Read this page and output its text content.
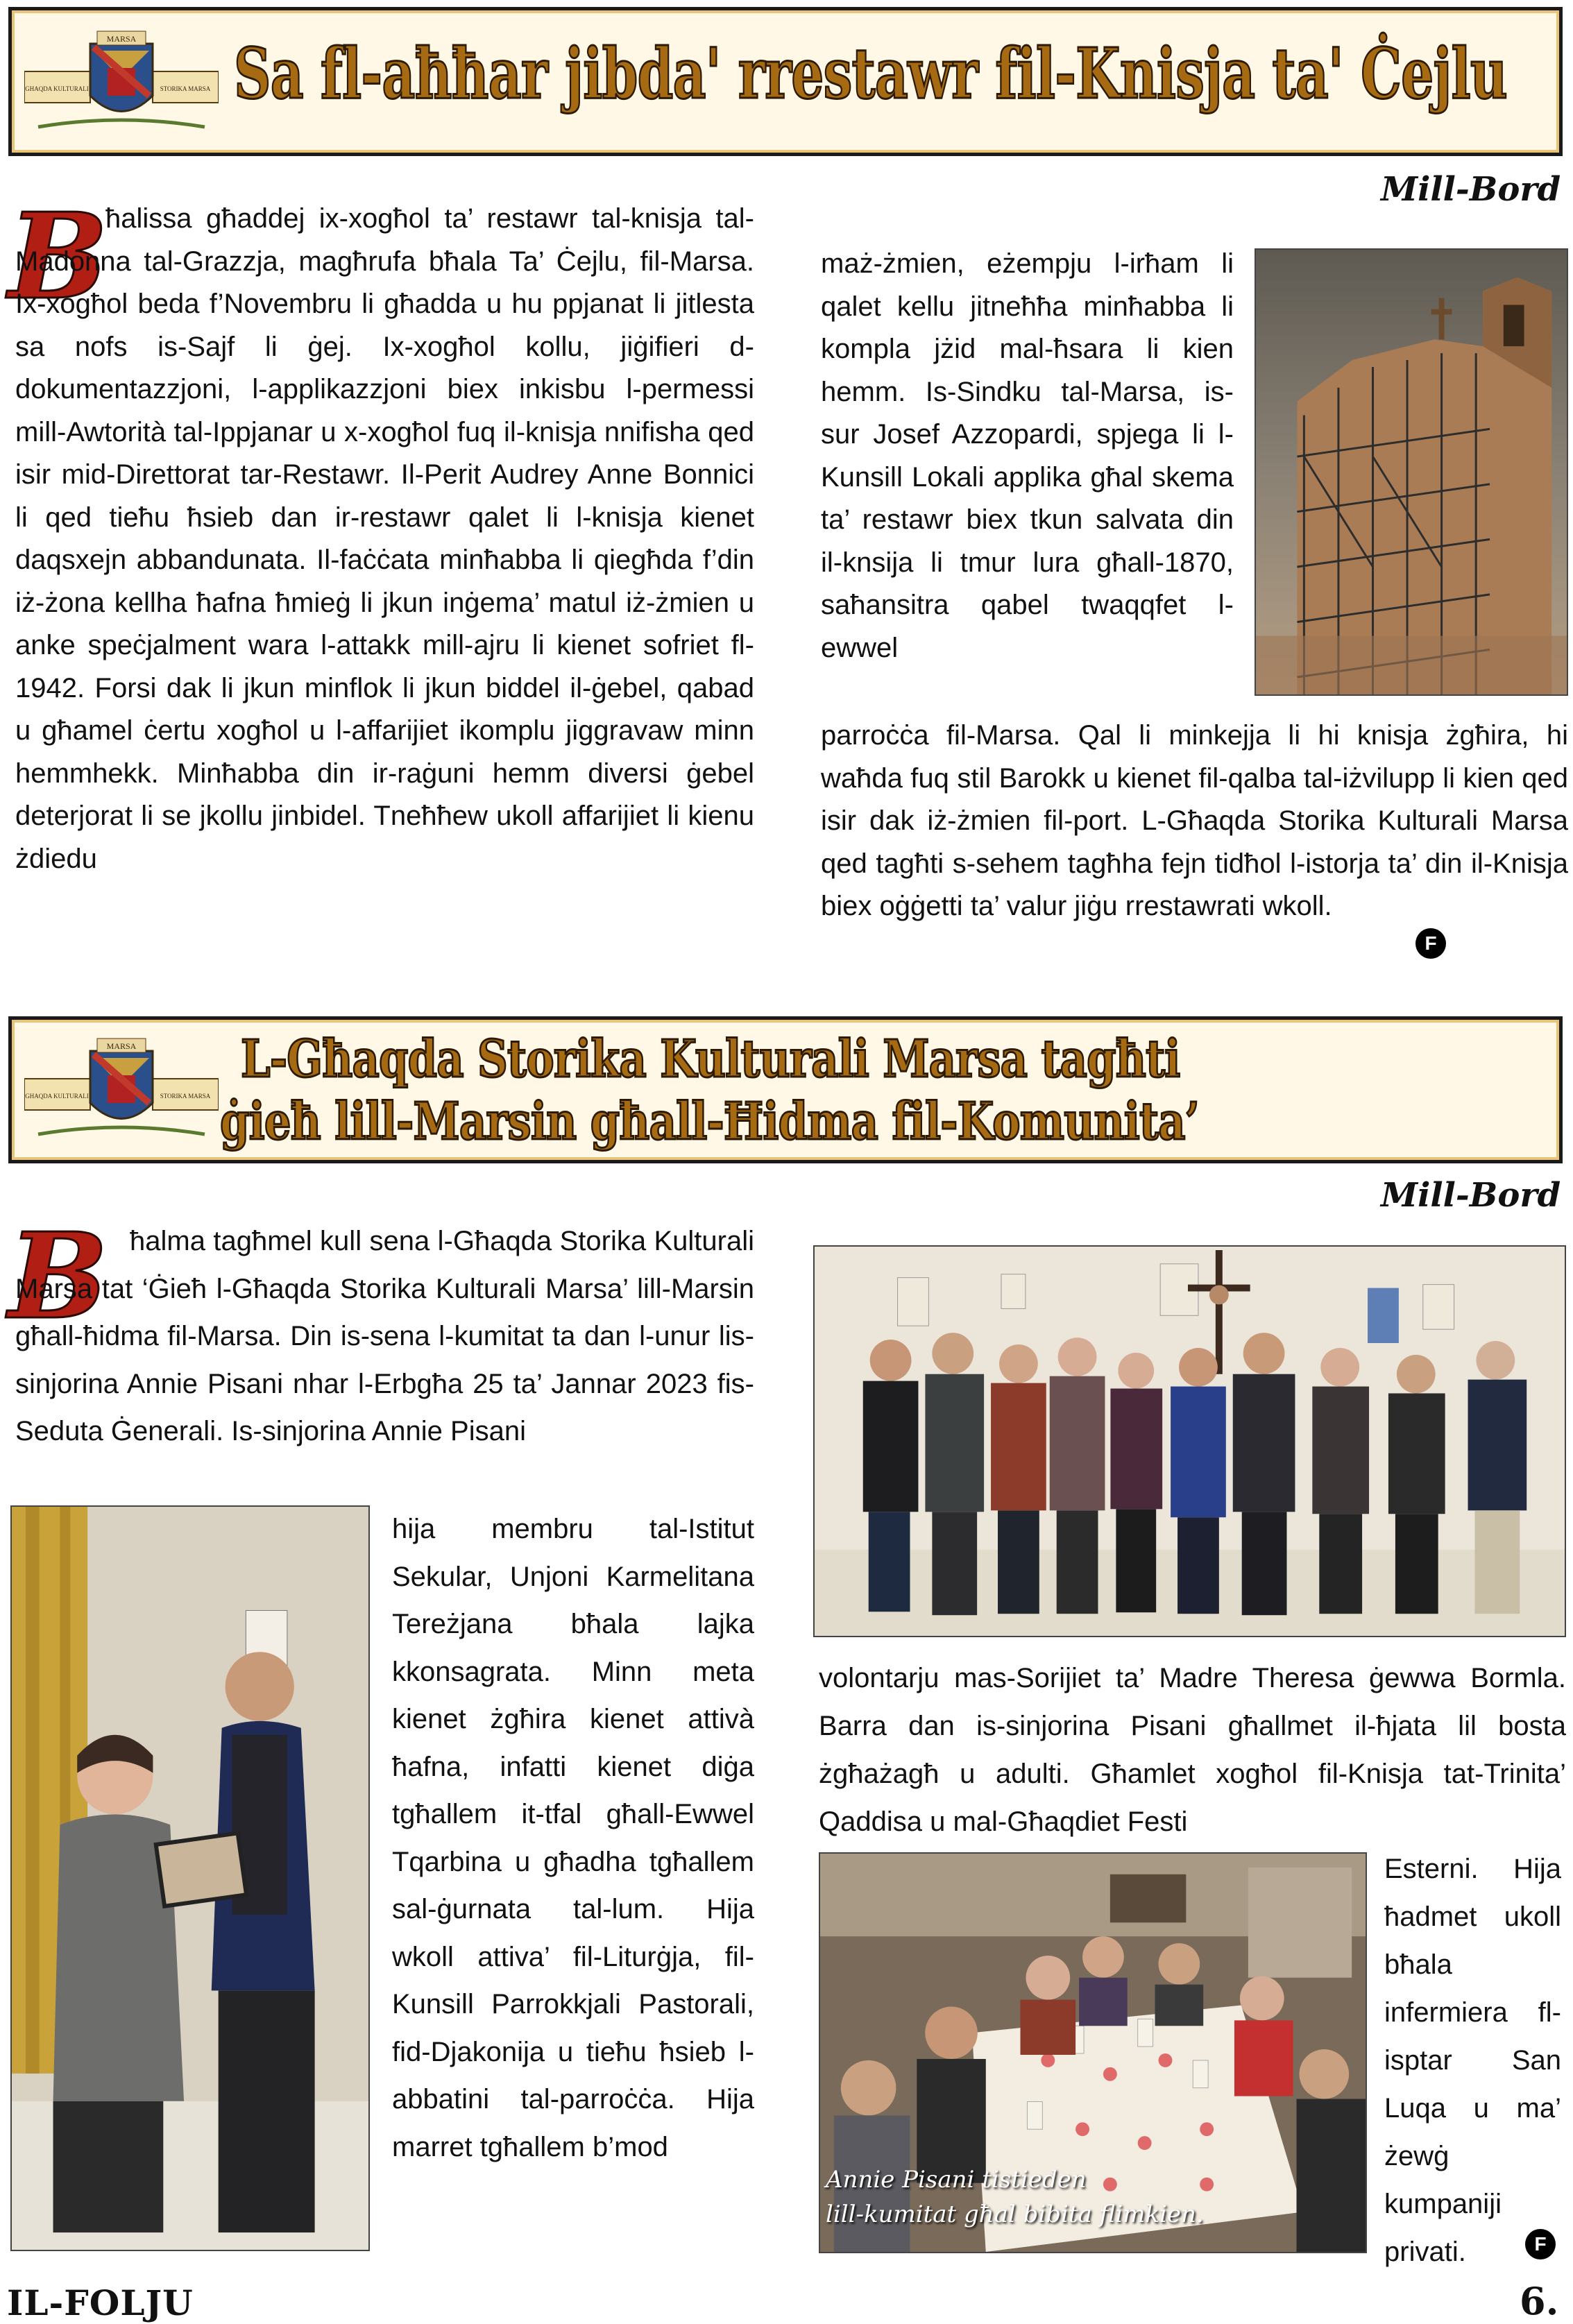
MARSA
GHAQDA KULTURALI	STORIKA MARSA Sa fl-aħħar jibda' rrestawr fil-Knisja ta' Ċejlu
Mill-Bord
B

ħalissa għaddej ix-xogħol ta’ restawr tal-knisja tal-Madonna tal-Grazzja, magħrufa bħala Ta’ Ċejlu, fil-Marsa. Ix-xogħol beda f’Novembru li għadda u hu ppjanat li jitlesta sa nofs is-Sajf li ġej. Ix-xogħol kollu, jiġifieri d-dokumentazzjoni, l-applikazzjoni biex inkisbu l-permessi mill-Awtorità tal-Ippjanar u x-xogħol fuq il-knisja nnifisha qed isir mid-Direttorat tar-Restawr. Il-Perit Audrey Anne Bonnici li qed tieħu ħsieb dan ir-restawr qalet li l-knisja kienet daqsxejn abbandunata. Il-faċċata minħabba li qiegħda f’din iż-żona kellha ħafna ħmieġ li jkun inġema’ matul iż-żmien u anke speċjalment wara l-attakk mill-ajru li kienet sofriet fl-1942. Forsi dak li jkun minflok li jkun biddel il-ġebel, qabad u għamel ċertu xogħol u l-affarijiet ikomplu jiggravaw minn hemmhekk. Minħabba din ir-raġuni hemm diversi ġebel deterjorat li se jkollu jinbidel. Tneħħew ukoll affarijiet li kienu żdiedu

maż-żmien, eżempju l-irħam li qalet kellu jitneħħa minħabba li kompla jżid mal-ħsara li kien hemm. Is-Sindku tal-Marsa, is-sur Josef Azzopardi, spjega li l-Kunsill Lokali applika għal skema ta’ restawr biex tkun salvata din il-knsija li tmur lura għall-1870, saħansitra qabel twaqqfet l-ewwel

parroċċa fil-Marsa. Qal li minkejja li hi knisja żgħira, hi waħda fuq stil Barokk u kienet fil-qalba tal-iżvilupp li kien qed isir dak iż-żmien fil-port. L-Għaqda Storika Kulturali Marsa qed tagħti s-sehem tagħha fejn tidħol l-istorja ta’ din il-Knisja biex oġġetti ta’ valur jiġu rrestawrati wkoll.

F
MARSA
GHAQDA KULTURALI	STORIKA MARSA
L-Għaqda Storika Kulturali Marsa tagħti
ġieħ lill-Marsin għall-Ħidma fil-Komunita’
Mill-Bord
B ħalma tagħmel kull sena l-Għaqda Storika Kulturali Marsa tat ‘Ġieħ l-Għaqda Storika Kulturali Marsa’ lill-Marsin għall-ħidma fil-Marsa. Din is-sena l-kumitat ta dan l-unur lis-sinjorina Annie Pisani nhar l-Erbgħa 25 ta’ Jannar 2023 fis-Seduta Ġenerali. Is-sinjorina Annie Pisani

hija membru tal-Istitut Sekular, Unjoni Karmelitana Tereżjana bħala lajka kkonsagrata. Minn meta kienet żgħira kienet attivà ħafna, infatti kienet diġa tgħallem it-tfal għall-Ewwel Tqarbina u għadha tgħallem sal-ġurnata tal-lum. Hija wkoll attiva’ fil-Liturġja, fil-Kunsill Parrokkjali Pastorali, fid-Djakonija u tieħu ħsieb l-abbatini tal-parroċċa. Hija marret tgħallem b’mod

volontarju mas-Sorijiet ta’ Madre Theresa ġewwa Bormla. Barra dan is-sinjorina Pisani għallmet il-ħjata lil bosta żgħażagħ u adulti. Għamlet xogħol fil-Knisja tat-Trinita’ Qaddisa u mal-Għaqdiet Festi

Annie Pisani tistieden
lill-kumitat għal bibita flimkien.

Esterni. Hija ħadmet ukoll bħala infermiera fl-isptar San Luqa u ma’ żewġ kumpaniji privati.	F
IL-FOLJU	6.
